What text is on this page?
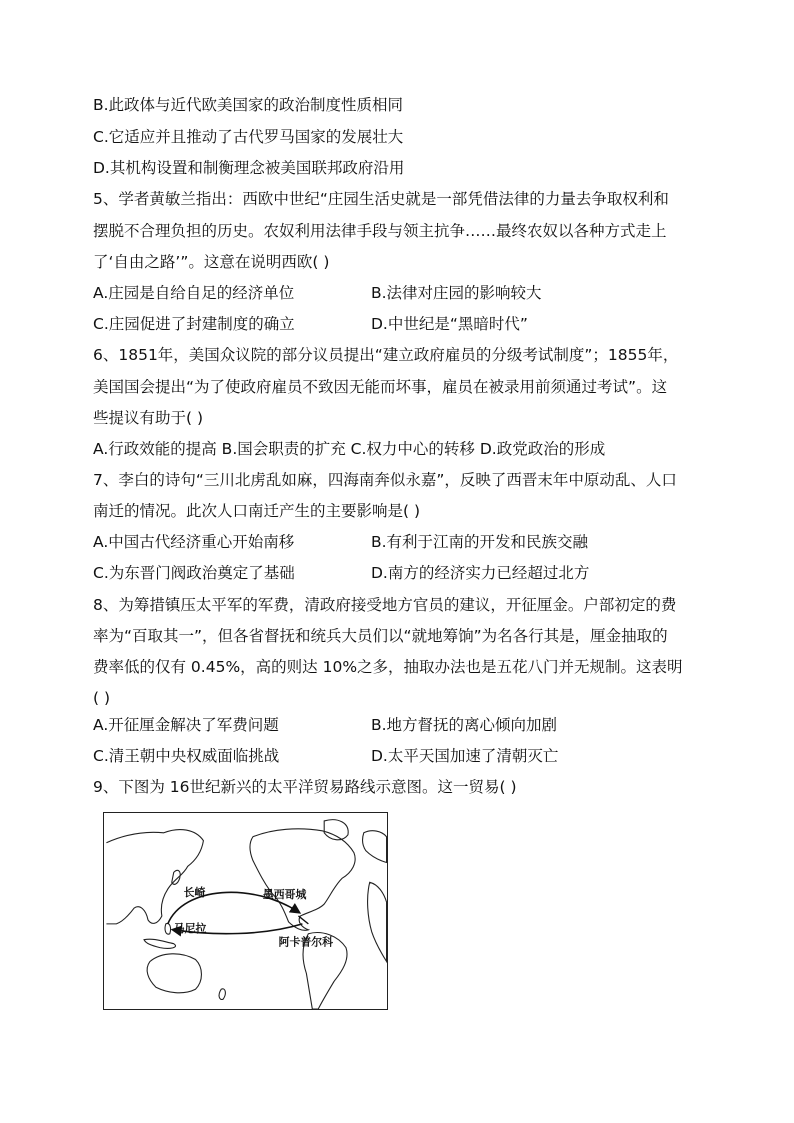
B.此政体与近代欧美国家的政治制度性质相同
C.它适应并且推动了古代罗马国家的发展壮大
D.其机构设置和制衡理念被美国联邦政府沿用
5、学者黄敏兰指出：西欧中世纪“庄园生活史就是一部凭借法律的力量去争取权利和
摆脱不合理负担的历史。农奴利用法律手段与领主抗争……最终农奴以各种方式走上
了‘自由之路’”。这意在说明西欧( )
A.庄园是自给自足的经济单位	B.法律对庄园的影响较大
C.庄园促进了封建制度的确立	D.中世纪是“黑暗时代”
6、1851年，美国众议院的部分议员提出“建立政府雇员的分级考试制度”；1855年，
美国国会提出“为了使政府雇员不致因无能而坏事，雇员在被录用前须通过考试”。这
些提议有助于( )
A.行政效能的提高 B.国会职责的扩充 C.权力中心的转移 D.政党政治的形成
7、李白的诗句“三川北虏乱如麻，四海南奔似永嘉”，反映了西晋末年中原动乱、人口
南迁的情况。此次人口南迁产生的主要影响是( )
A.中国古代经济重心开始南移	B.有利于江南的开发和民族交融
C.为东晋门阀政治奠定了基础	D.南方的经济实力已经超过北方
8、为筹措镇压太平军的军费，清政府接受地方官员的建议，开征厘金。户部初定的费
率为“百取其一”，但各省督抚和统兵大员们以“就地筹饷”为名各行其是，厘金抽取的
费率低的仅有 0.45%，高的则达 10%之多，抽取办法也是五花八门并无规制。这表明
( )
A.开征厘金解决了军费问题	B.地方督抚的离心倾向加剧
C.清王朝中央权威面临挑战	D.太平天国加速了清朝灭亡
9、下图为 16世纪新兴的太平洋贸易路线示意图。这一贸易( )
长崎	墨西哥城
马尼拉
阿卡普尔科
